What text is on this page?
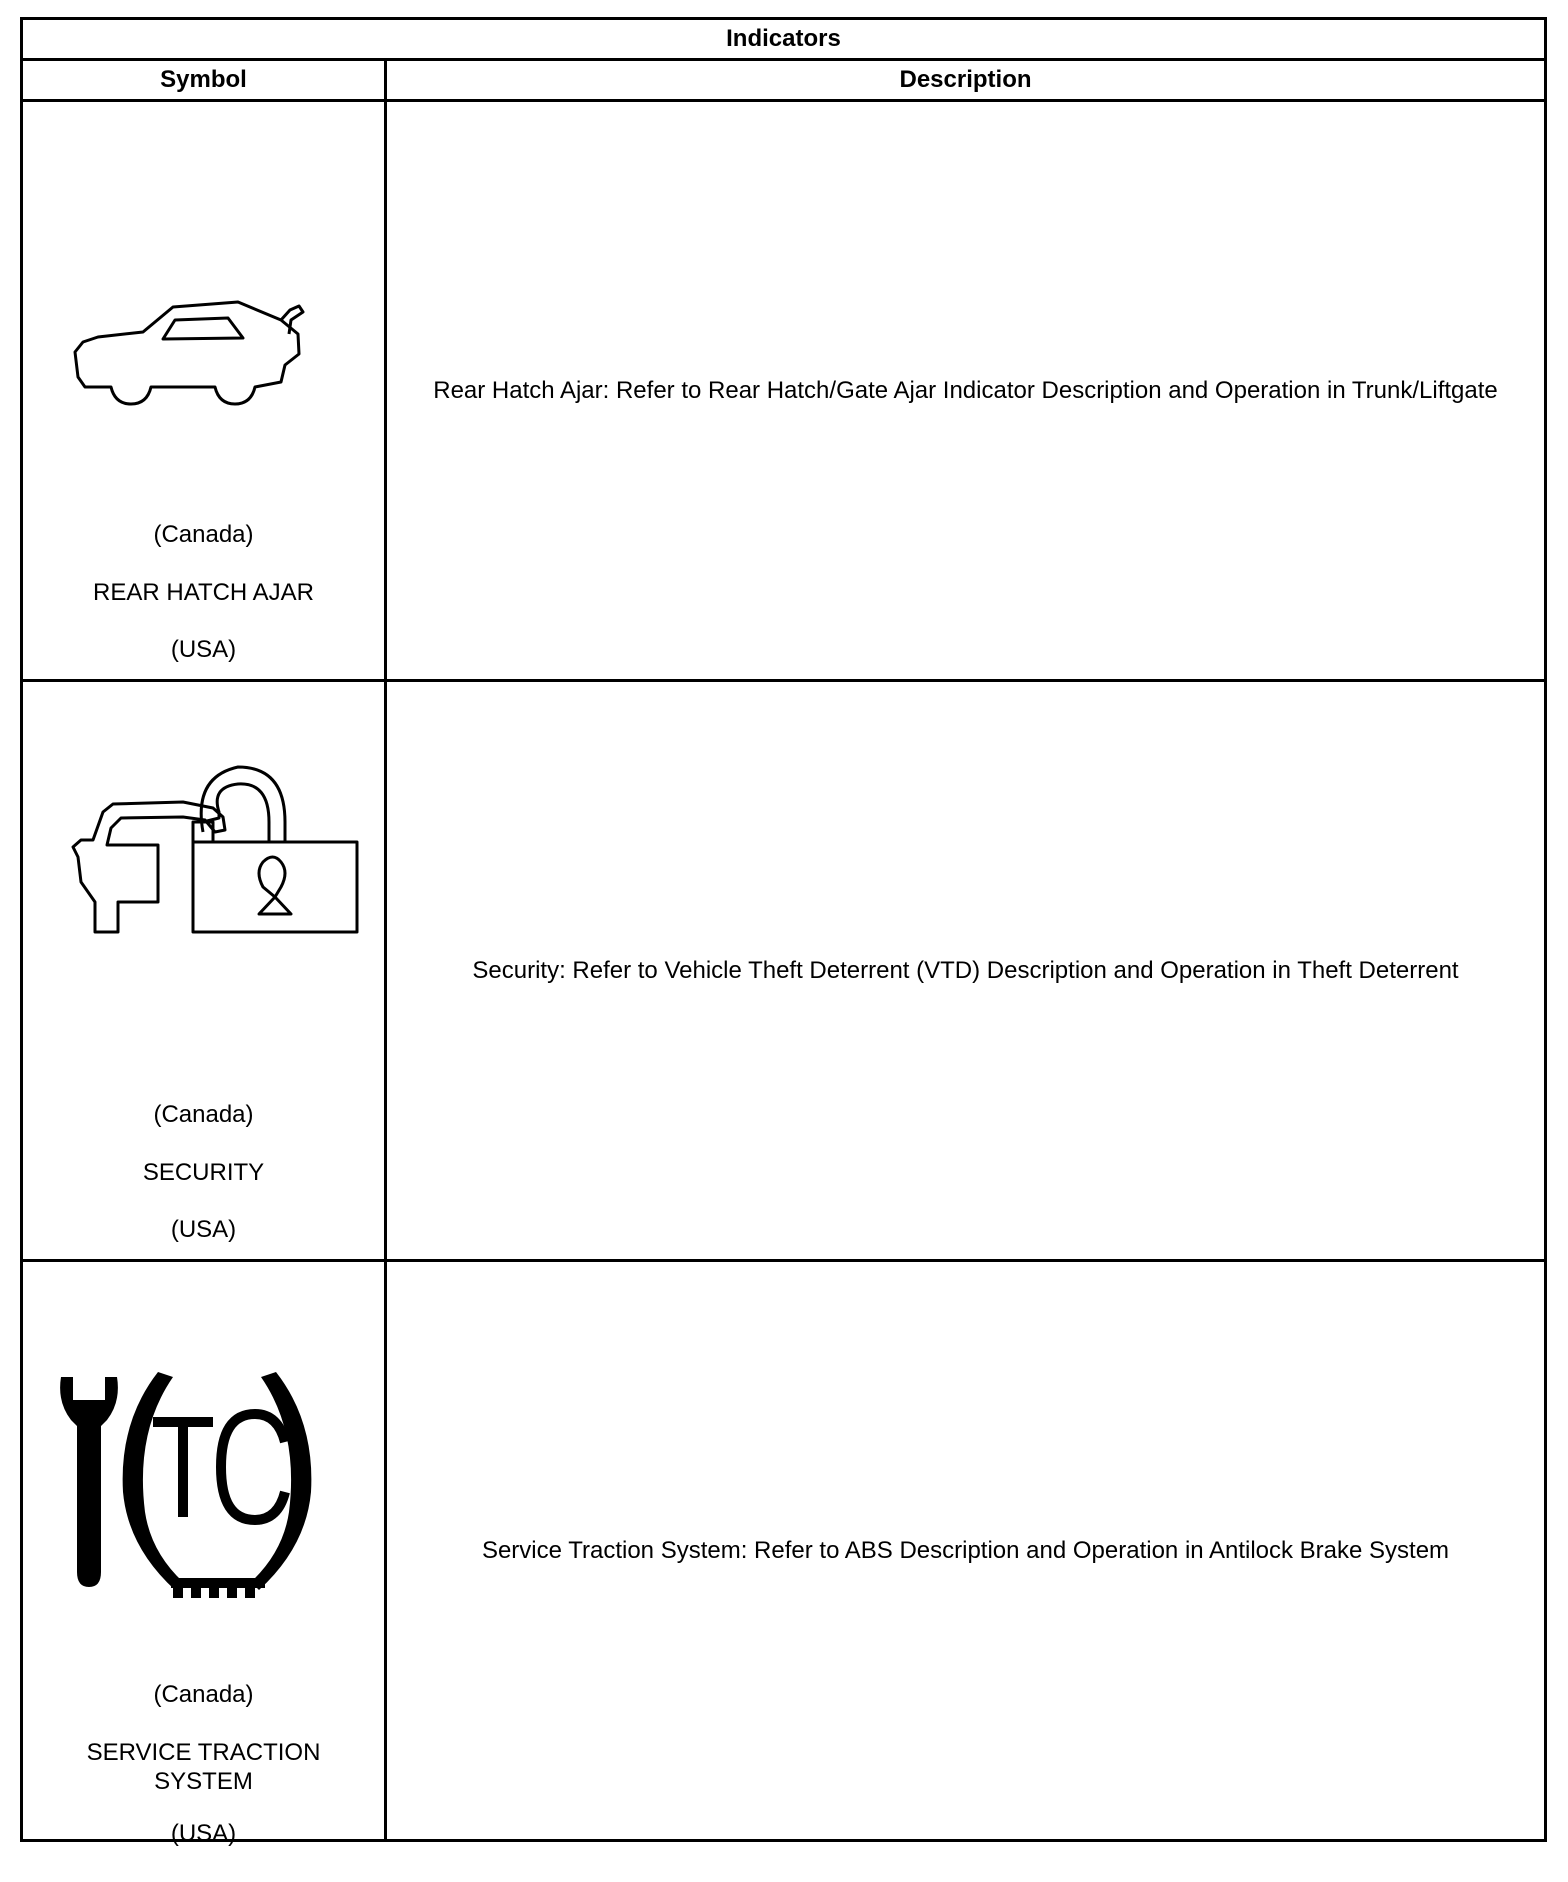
Indicators	
Symbol	Description

(Canada)
REAR HATCH AJAR
(USA)	Rear Hatch Ajar: Refer to Rear Hatch/Gate Ajar Indicator Description and Operation in Trunk/Liftgate

(Canada)
SECURITY
(USA)	Security: Refer to Vehicle Theft Deterrent (VTD) Description and Operation in Theft Deterrent

(Canada)
SERVICE TRACTION SYSTEM
(USA)	Service Traction System: Refer to ABS Description and Operation in Antilock Brake System
